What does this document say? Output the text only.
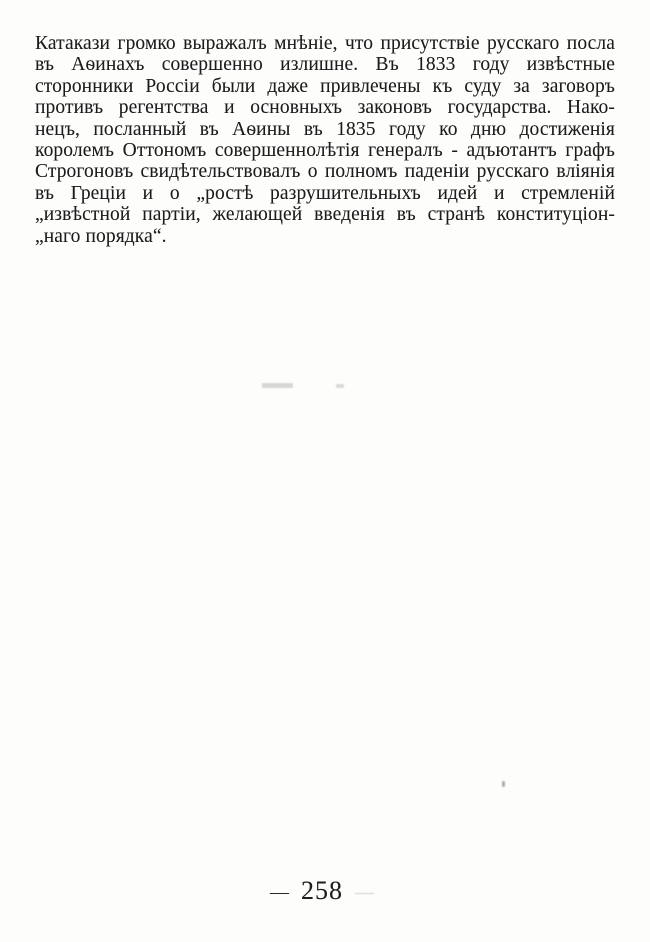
Катакази громко выражалъ мнѣніе, что присутствіе русскаго посла
въ Аѳинахъ совершенно излишне. Въ 1833 году извѣстные
сторонники Россіи были даже привлечены къ суду за заговоръ
противъ регентства и основныхъ законовъ государства. Нако-
нецъ, посланный въ Аѳины въ 1835 году ко дню достиженія
королемъ Оттономъ совершеннолѣтія генералъ - адъютантъ графъ
Строгоновъ свидѣтельствовалъ о полномъ паденіи русскаго вліянія
въ Греціи и о „ростѣ разрушительныхъ идей и стремленій
„извѣстной партіи, желающей введенія въ странѣ конституціон-
„наго порядка“.
— 258 —
